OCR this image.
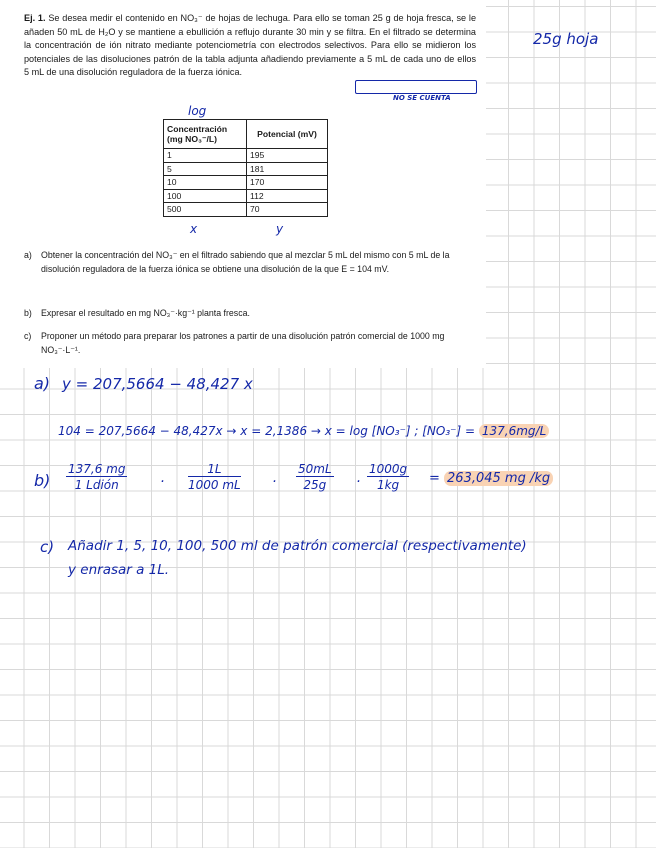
Ej. 1. Se desea medir el contenido en NO₃⁻ de hojas de lechuga. Para ello se toman 25 g de hoja fresca, se le añaden 50 mL de H₂O y se mantiene a ebullición a reflujo durante 30 min y se filtra. En el filtrado se determina la concentración de ión nitrato mediante potenciometría con electrodos selectivos. Para ello se midieron los potenciales de las disoluciones patrón de la tabla adjunta añadiendo previamente a 5 mL de cada uno de ellos 5 mL de una disolución reguladora de la fuerza iónica.

Concentración (mg NO₃⁻/L)	Potencial (mV)
1	195
5	181
10	170
100	112
500	70
a) Obtener la concentración del NO₃⁻ en el filtrado sabiendo que al mezclar 5 mL del mismo con 5 mL de la disolución reguladora de la fuerza iónica se obtiene una disolución de la que E = 104 mV.
b) Expresar el resultado en mg NO₃⁻·kg⁻¹ planta fresca.
c) Proponer un método para preparar los patrones a partir de una disolución patrón comercial de 1000 mg NO₃⁻·L⁻¹.
25g hoja
log
NO SE CUENTA
x	y
a) y = 207,5664 − 48,427 x
104 = 207,5664 − 48,427x → x = 2,1386 → x = log [NO₃⁻] ; [NO₃⁻] = 137,6mg/L
b)
137,6 mg
1 Ldión	· $\frac{1L}{1000 mL} \cdot \frac{50mL}{25g} \cdot \frac{1000g}{1kg} = 263,045$ mg /kg
c) Añadir 1, 5, 10, 100, 500 ml de patrón comercial (respectivamente)
y enrasar a 1L.
